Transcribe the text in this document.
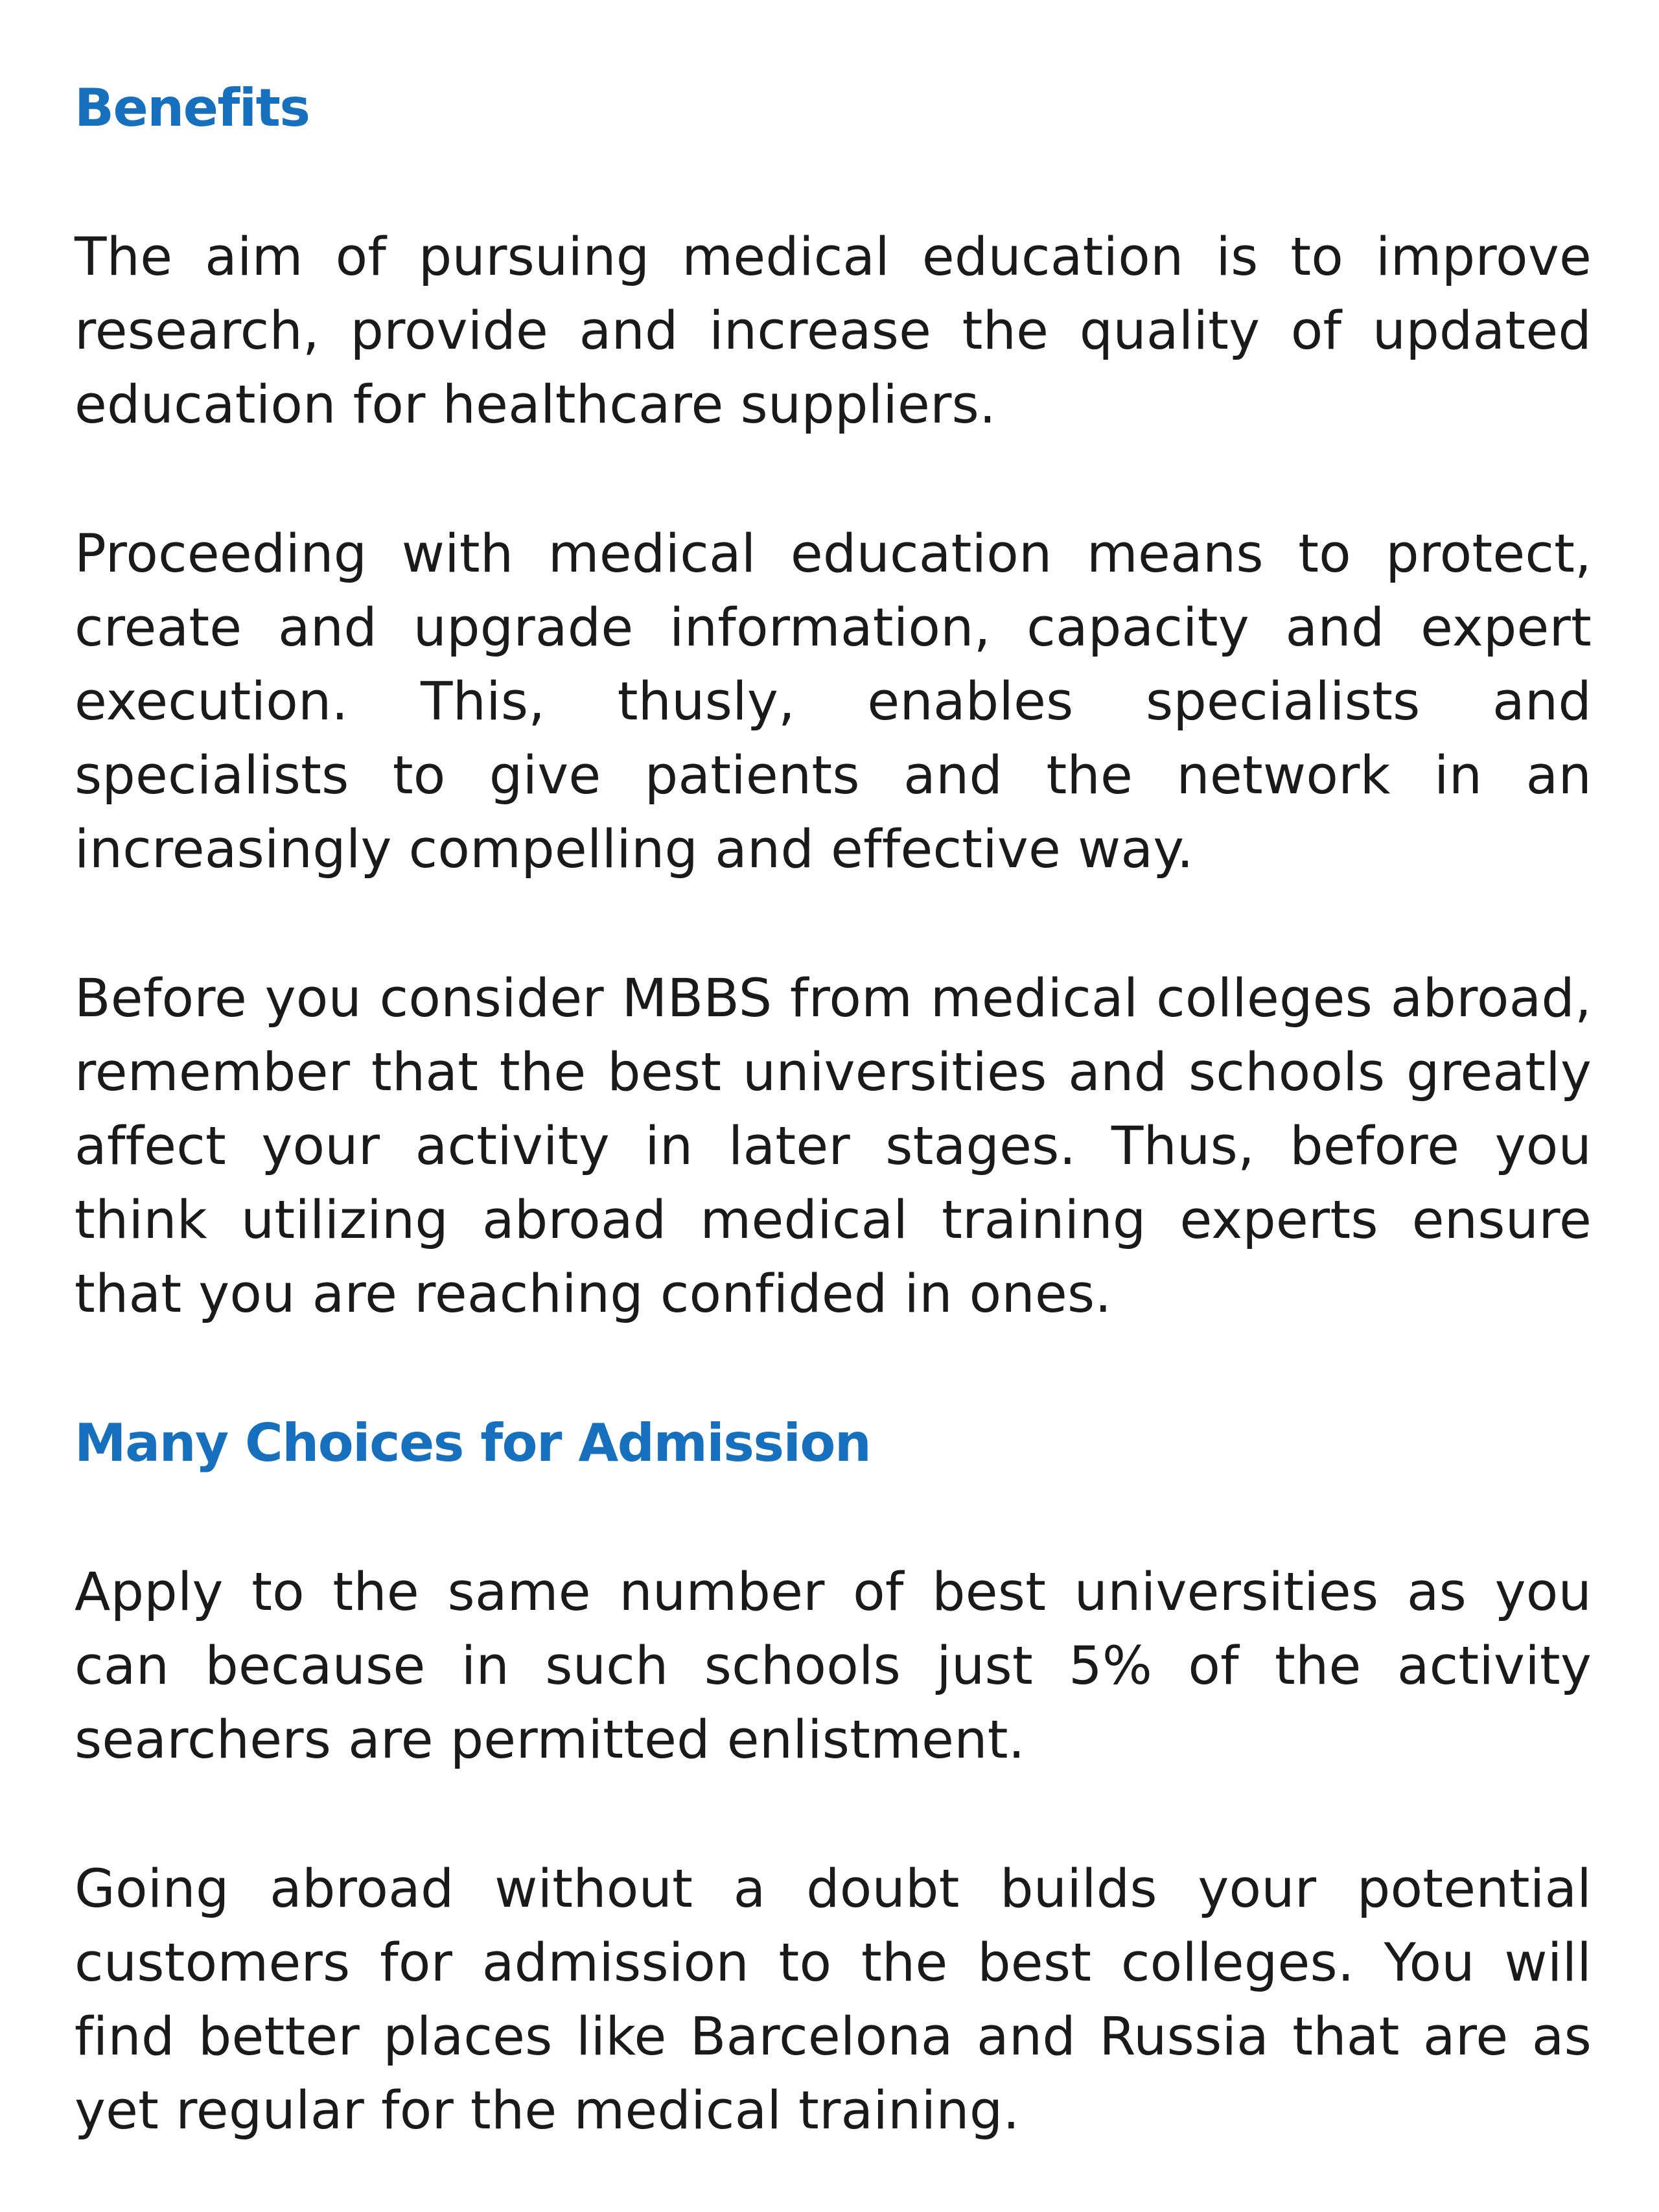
Benefits

The aim of pursuing medical education is to improve research, provide and increase the quality of updated education for healthcare suppliers.

Proceeding with medical education means to protect, create and upgrade information, capacity and expert execution. This, thusly, enables specialists and specialists to give patients and the network in an increasingly compelling and effective way.

Before you consider MBBS from medical colleges abroad, remember that the best universities and schools greatly affect your activity in later stages. Thus, before you think utilizing abroad medical training experts ensure that you are reaching confided in ones.

Many Choices for Admission

Apply to the same number of best universities as you can because in such schools just 5% of the activity searchers are permitted enlistment.

Going abroad without a doubt builds your potential customers for admission to the best colleges. You will find better places like Barcelona and Russia that are as yet regular for the medical training.
